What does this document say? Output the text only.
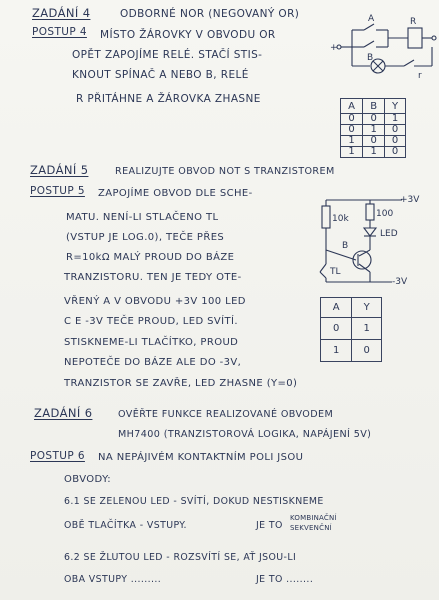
ZADÁNÍ 4	ODBORNÉ NOR (NEGOVANÝ OR)
POSTUP 4 MÍSTO ŽÁROVKY V OBVODU OR
OPĚT ZAPOJÍME RELÉ. STAČÍ STIS-
KNOUT SPÍNAČ A NEBO B, RELÉ
R PŘITÁHNE A ŽÁROVKA ZHASNE
+
A
B
R
r
A	B	Y
0	0	1
0	1	0
1	0	0
1	1	0
ZADÁNÍ 5	REALIZUJTE OBVOD NOT S TRANZISTOREM
POSTUP 5 ZAPOJÍME OBVOD DLE SCHE-
MATU. NENÍ-LI STLAČENO TL
(VSTUP JE LOG.0), TEČE PŘES
R=10kΩ MALÝ PROUD DO BÁZE
TRANZISTORU. TEN JE TEDY OTE-
VŘENÝ A V OBVODU +3V 100 LED
C E -3V TEČE PROUD, LED SVÍTÍ.
STISKNEME-LI TLAČÍTKO, PROUD
NEPOTEČE DO BÁZE ALE DO -3V,
TRANZISTOR SE ZAVŘE, LED ZHASNE (Y=0)
+3V
10k	100
LED
B
TL
-3V
A	Y
0	1
1	0
ZADÁNÍ 6	OVĚŘTE FUNKCE REALIZOVANÉ OBVODEM
MH7400 (TRANZISTOROVÁ LOGIKA, NAPÁJENÍ 5V)
POSTUP 6 NA NEPÁJIVÉM KONTAKTNÍM POLI JSOU
OBVODY:
6.1 SE ZELENOU LED - SVÍTÍ, DOKUD NESTISKNEME
OBĚ TLAČÍTKA - VSTUPY.	JE TO
KOMBINAČNÍ
SEKVENČNÍ
6.2 SE ŽLUTOU LED - ROZSVÍTÍ SE, AŤ JSOU-LI
OBA VSTUPY .........	JE TO ........
